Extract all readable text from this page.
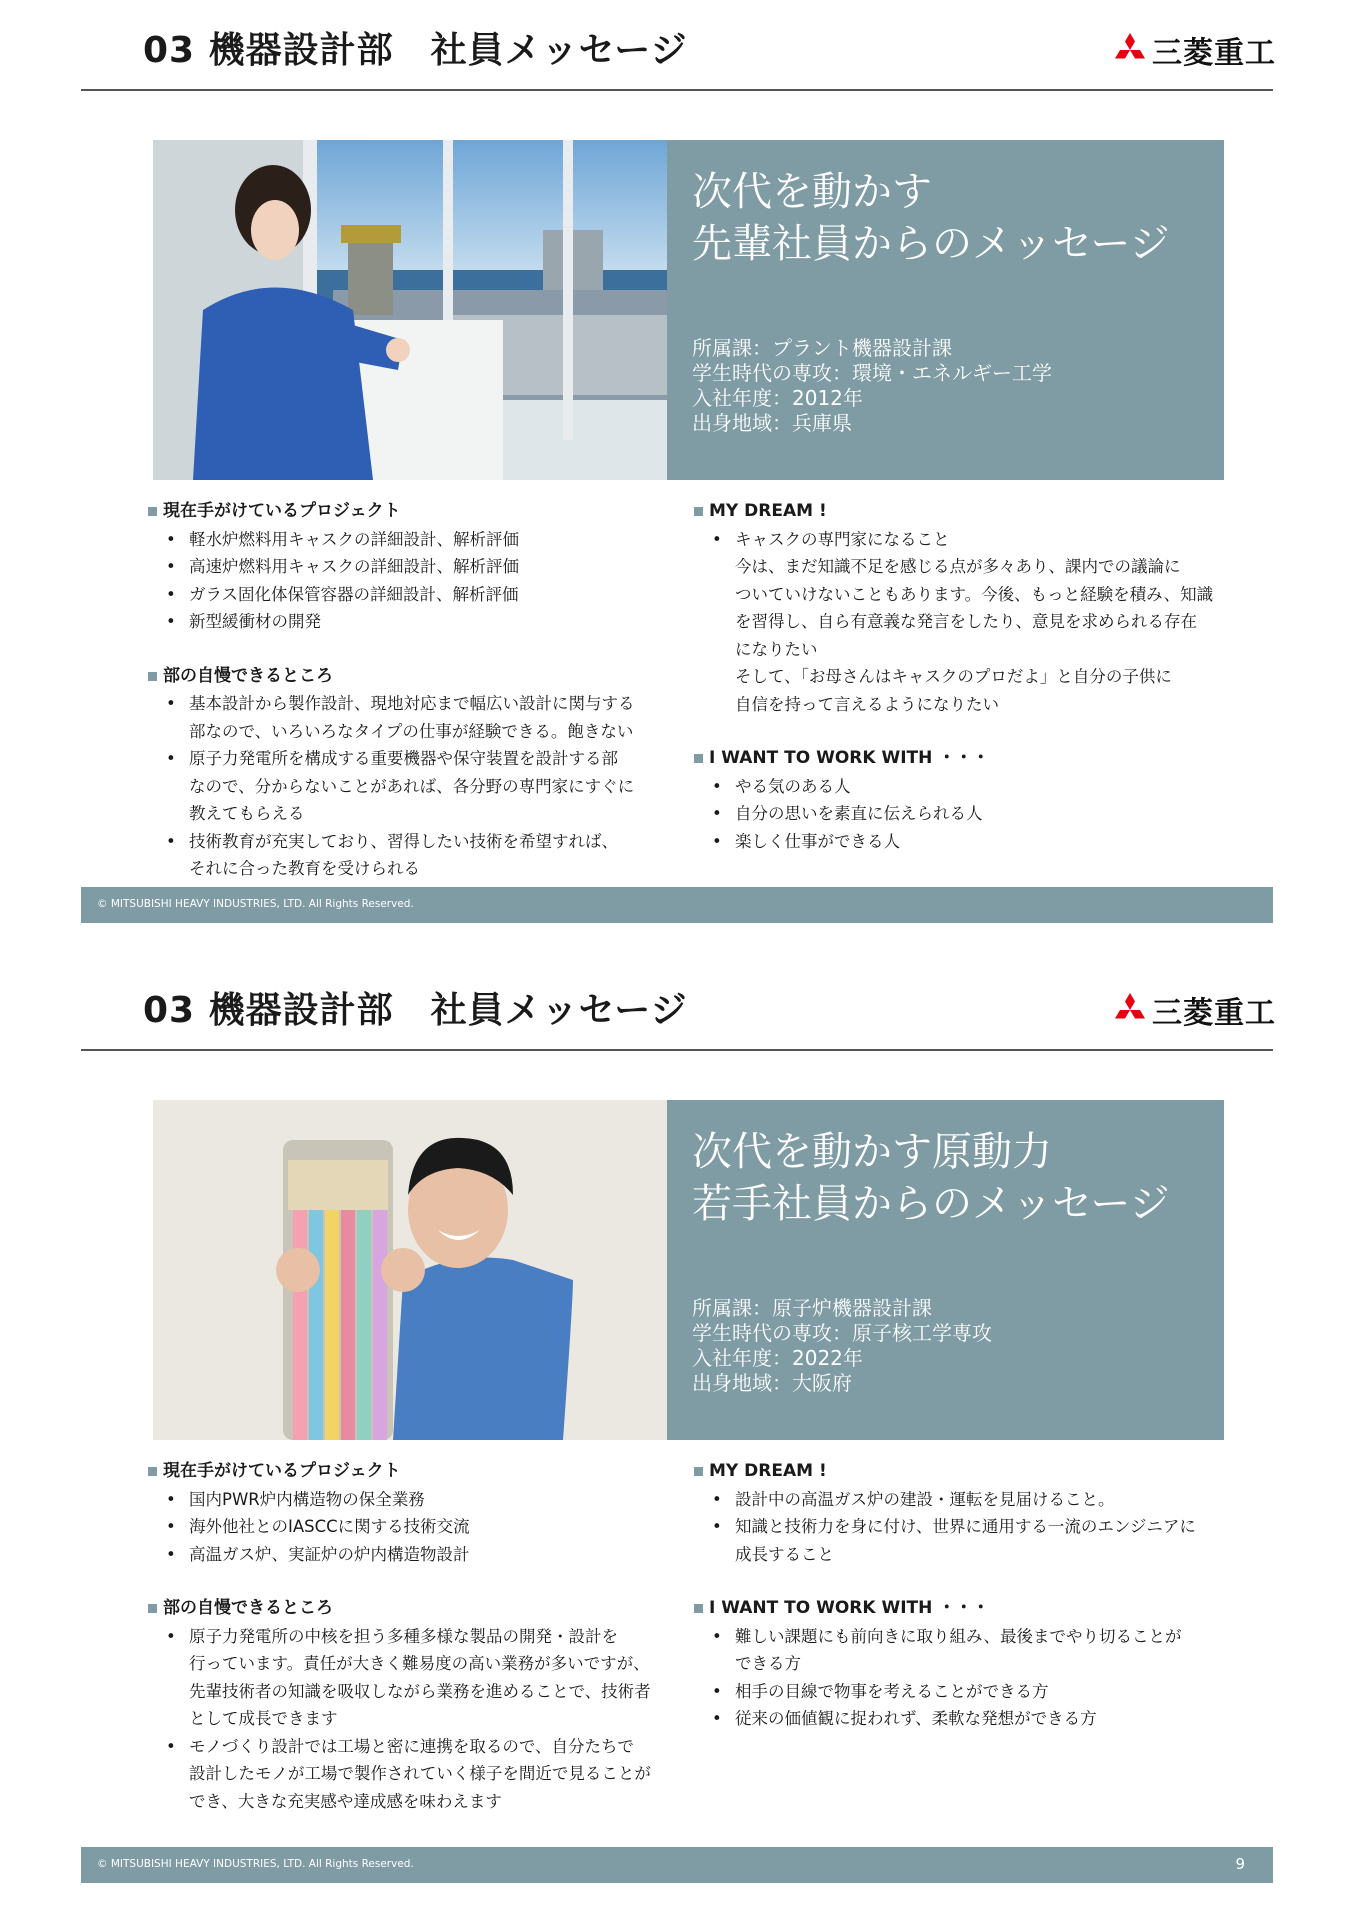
03 機器設計部　社員メッセージ	三菱重工
次代を動かす
先輩社員からのメッセージ
所属課：プラント機器設計課
学生時代の専攻：環境・エネルギー工学
入社年度：2012年
出身地域：兵庫県
現在手がけているプロジェクト
• 軽水炉燃料用キャスクの詳細設計、解析評価
• 高速炉燃料用キャスクの詳細設計、解析評価
• ガラス固化体保管容器の詳細設計、解析評価
• 新型緩衝材の開発
部の自慢できるところ
• 基本設計から製作設計、現地対応まで幅広い設計に関与する
部なので、いろいろなタイプの仕事が経験できる。飽きない
• 原子力発電所を構成する重要機器や保守装置を設計する部
なので、分からないことがあれば、各分野の専門家にすぐに
教えてもらえる
• 技術教育が充実しており、習得したい技術を希望すれば、
それに合った教育を受けられる
MY DREAM !
• キャスクの専門家になること
今は、まだ知識不足を感じる点が多々あり、課内での議論に
ついていけないこともあります。今後、もっと経験を積み、知識
を習得し、自ら有意義な発言をしたり、意見を求められる存在
になりたい
そして、「お母さんはキャスクのプロだよ」と自分の子供に
自信を持って言えるようになりたい
I WANT TO WORK WITH ・・・
• やる気のある人
• 自分の思いを素直に伝えられる人
• 楽しく仕事ができる人
© MITSUBISHI HEAVY INDUSTRIES, LTD. All Rights Reserved.
03 機器設計部　社員メッセージ	三菱重工
次代を動かす原動力
若手社員からのメッセージ
所属課：原子炉機器設計課
学生時代の専攻：原子核工学専攻
入社年度：2022年
出身地域：大阪府
現在手がけているプロジェクト
• 国内PWR炉内構造物の保全業務
• 海外他社とのIASCCに関する技術交流
• 高温ガス炉、実証炉の炉内構造物設計
部の自慢できるところ
• 原子力発電所の中核を担う多種多様な製品の開発・設計を
行っています。責任が大きく難易度の高い業務が多いですが、
先輩技術者の知識を吸収しながら業務を進めることで、技術者
として成長できます
• モノづくり設計では工場と密に連携を取るので、自分たちで
設計したモノが工場で製作されていく様子を間近で見ることが
でき、大きな充実感や達成感を味わえます
MY DREAM !
• 設計中の高温ガス炉の建設・運転を見届けること。
• 知識と技術力を身に付け、世界に通用する一流のエンジニアに
成長すること
I WANT TO WORK WITH ・・・
• 難しい課題にも前向きに取り組み、最後までやり切ることが
できる方
• 相手の目線で物事を考えることができる方
• 従来の価値観に捉われず、柔軟な発想ができる方
© MITSUBISHI HEAVY INDUSTRIES, LTD. All Rights Reserved.	9
